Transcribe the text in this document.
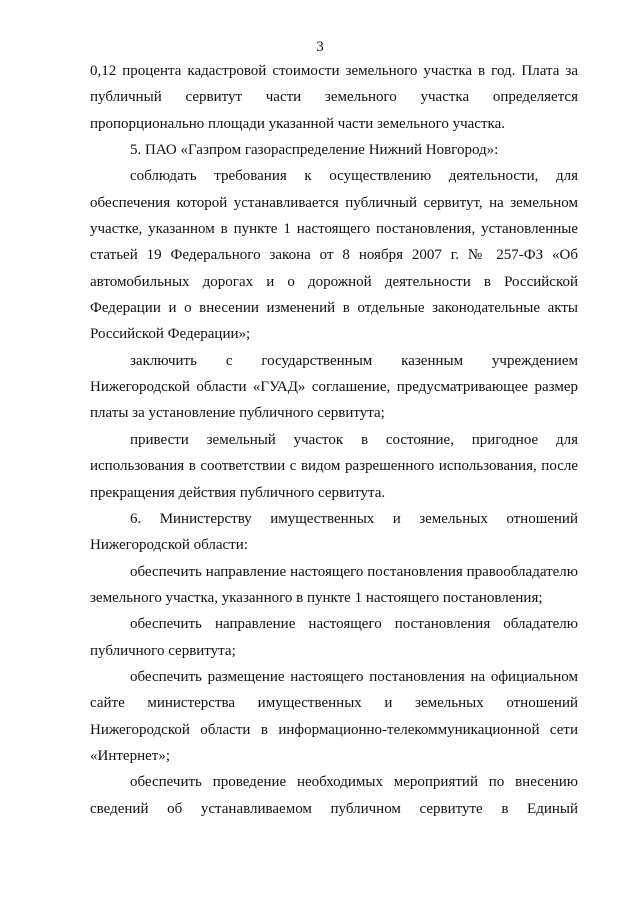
3

0,12 процента кадастровой стоимости земельного участка в год. Плата за публичный сервитут части земельного участка определяется пропорционально площади указанной части земельного участка.

5. ПАО «Газпром газораспределение Нижний Новгород»:

соблюдать требования к осуществлению деятельности, для обеспечения которой устанавливается публичный сервитут, на земельном участке, указанном в пункте 1 настоящего постановления, установленные статьей 19 Федерального закона от 8 ноября 2007 г. № 257-ФЗ «Об автомобильных дорогах и о дорожной деятельности в Российской Федерации и о внесении изменений в отдельные законодательные акты Российской Федерации»;

заключить с государственным казенным учреждением Нижегородской области «ГУАД» соглашение, предусматривающее размер платы за установление публичного сервитута;

привести земельный участок в состояние, пригодное для использования в соответствии с видом разрешенного использования, после прекращения действия публичного сервитута.

6. Министерству имущественных и земельных отношений Нижегородской области:

обеспечить направление настоящего постановления правообладателю земельного участка, указанного в пункте 1 настоящего постановления;

обеспечить направление настоящего постановления обладателю публичного сервитута;

обеспечить размещение настоящего постановления на официальном сайте министерства имущественных и земельных отношений Нижегородской области в информационно-телекоммуникационной сети «Интернет»;

обеспечить проведение необходимых мероприятий по внесению сведений об устанавливаемом публичном сервитуте в Единый
